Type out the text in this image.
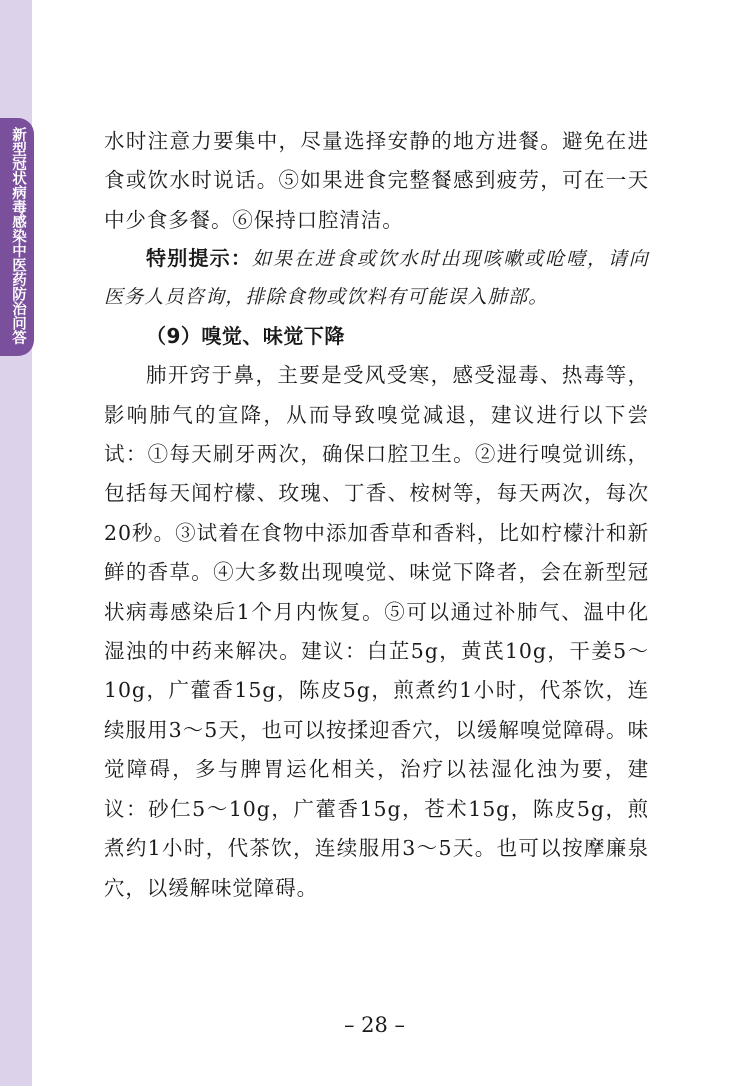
新型冠状病毒感染中医药防治问答	水时注意力要集中，尽量选择安静的地方进餐。避免在进食或饮水时说话。⑤如果进食完整餐感到疲劳，可在一天中少食多餐。⑥保持口腔清洁。

特别提示：如果在进食或饮水时出现咳嗽或呛噎，请向医务人员咨询，排除食物或饮料有可能误入肺部。

（9）嗅觉、味觉下降

肺开窍于鼻，主要是受风受寒，感受湿毒、热毒等，影响肺气的宣降，从而导致嗅觉减退，建议进行以下尝试：①每天刷牙两次，确保口腔卫生。②进行嗅觉训练，包括每天闻柠檬、玫瑰、丁香、桉树等，每天两次，每次20秒。③试着在食物中添加香草和香料，比如柠檬汁和新鲜的香草。④大多数出现嗅觉、味觉下降者，会在新型冠状病毒感染后1个月内恢复。⑤可以通过补肺气、温中化湿浊的中药来解决。建议：白芷5g，黄芪10g，干姜5～10g，广藿香15g，陈皮5g，煎煮约1小时，代茶饮，连续服用3～5天，也可以按揉迎香穴，以缓解嗅觉障碍。味觉障碍，多与脾胃运化相关，治疗以祛湿化浊为要，建议：砂仁5～10g，广藿香15g，苍术15g，陈皮5g，煎煮约1小时，代茶饮，连续服用3～5天。也可以按摩廉泉穴，以缓解味觉障碍。

– 28 –
